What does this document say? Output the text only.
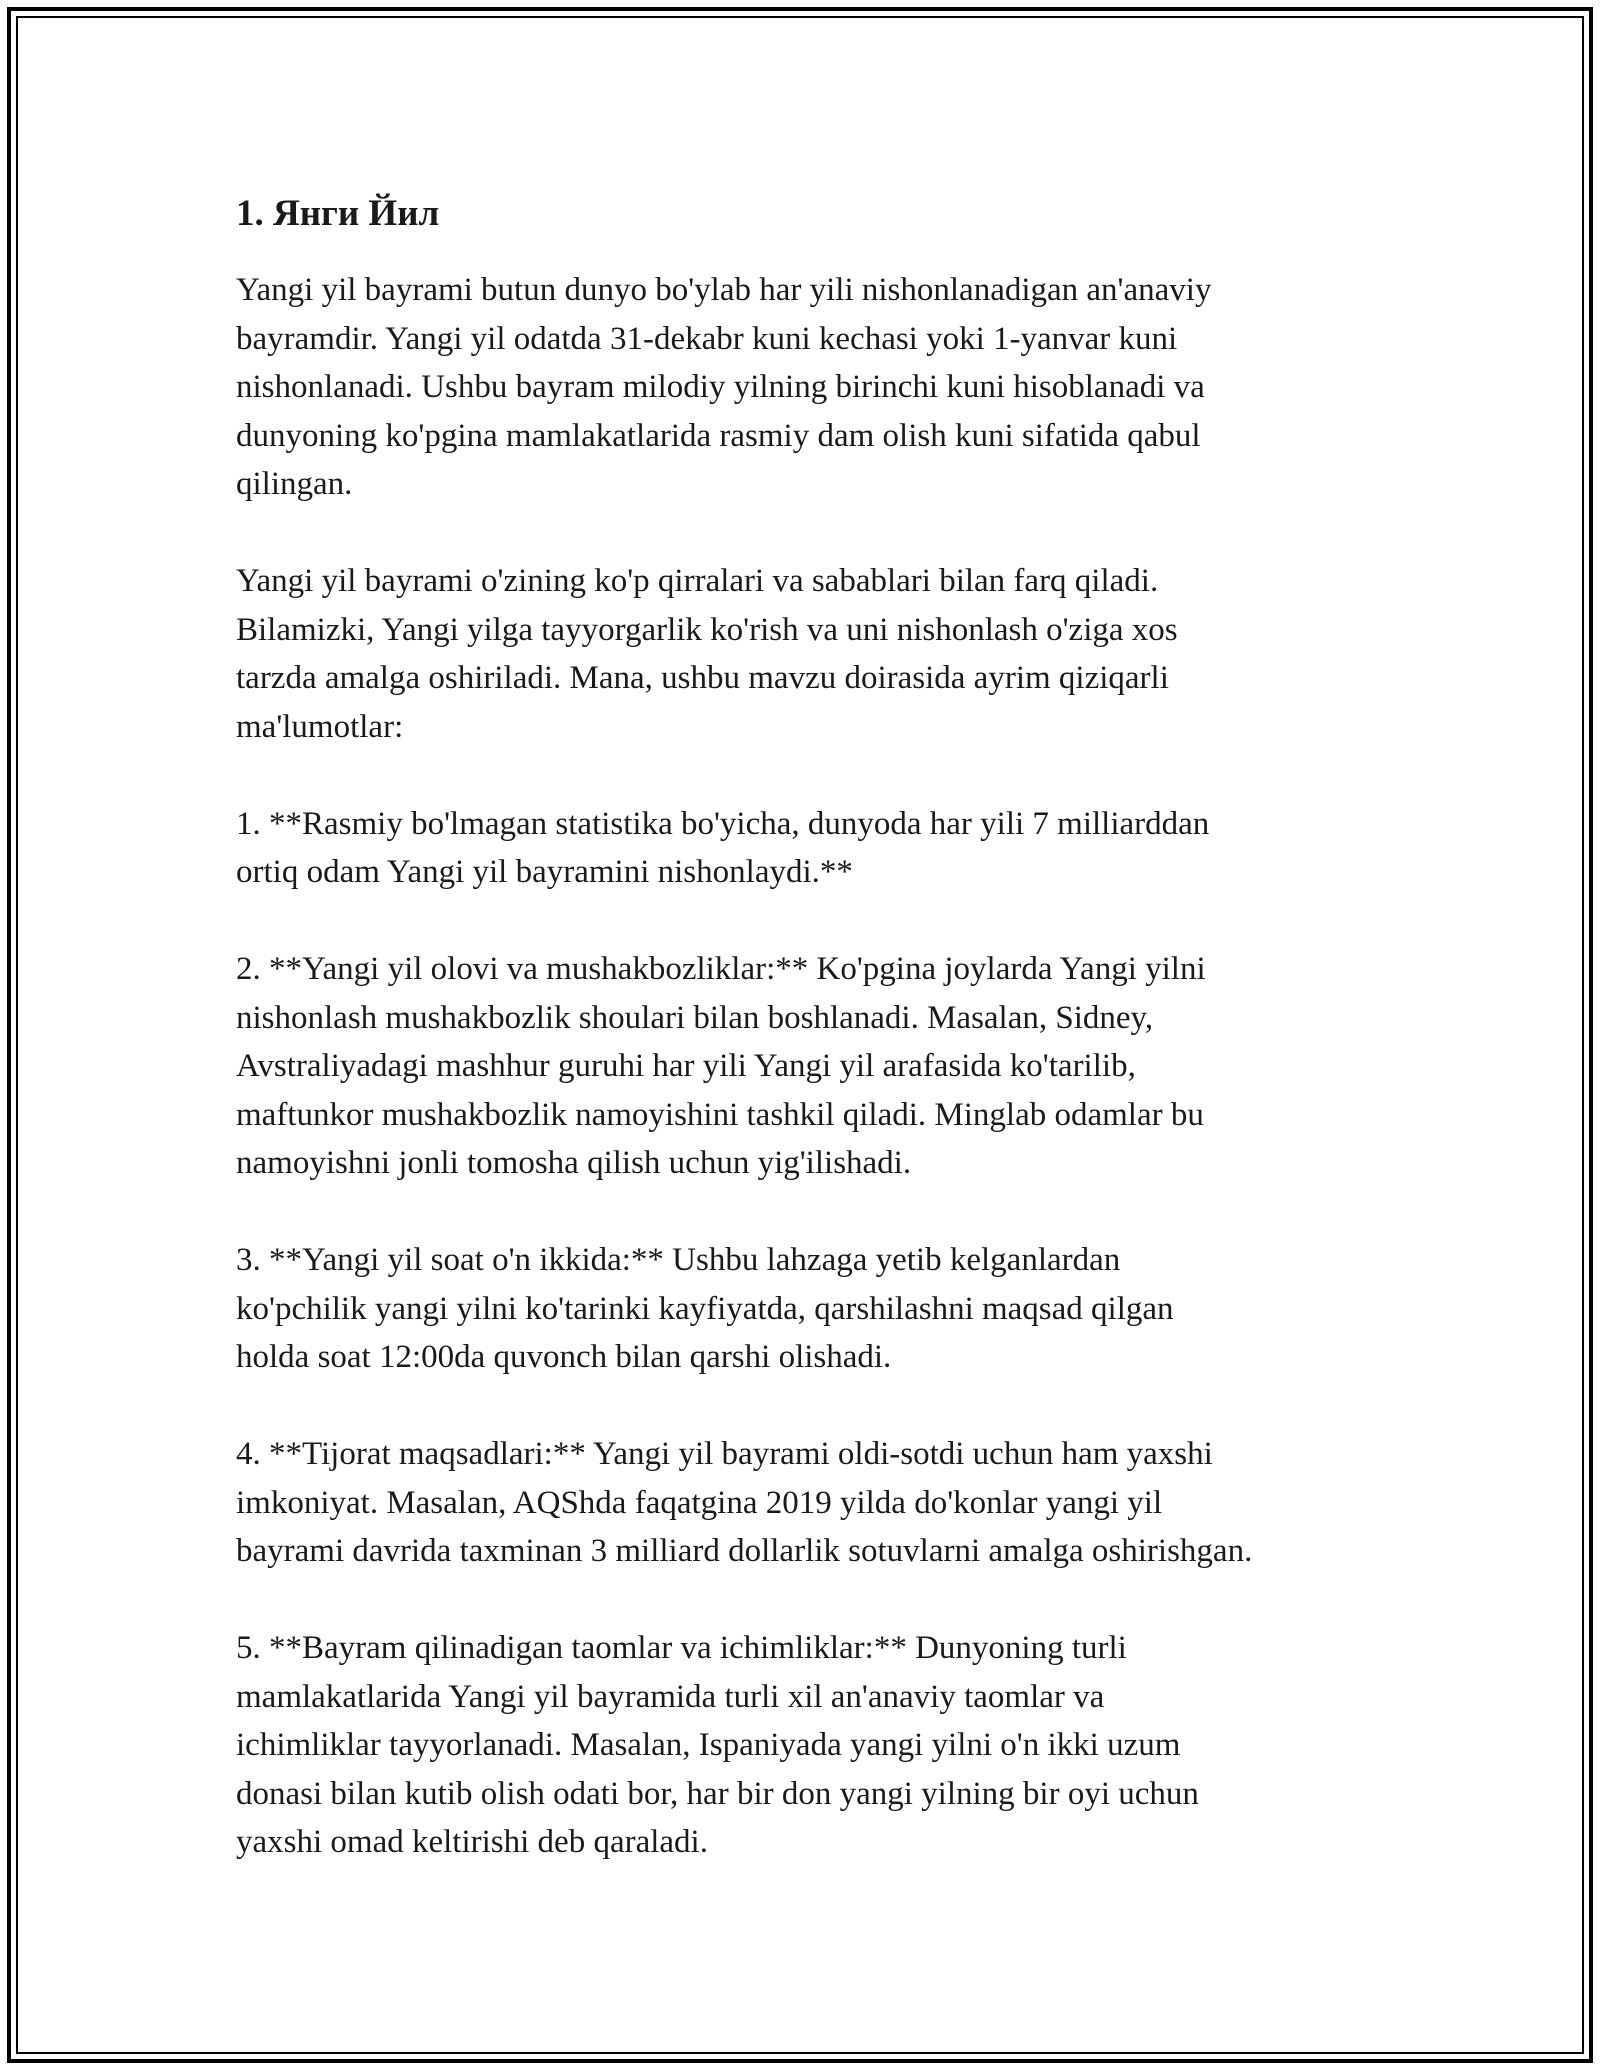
1. Янги Йил

Yangi yil bayrami butun dunyo bo'ylab har yili nishonlanadigan an'anaviy
bayramdir. Yangi yil odatda 31-dekabr kuni kechasi yoki 1-yanvar kuni
nishonlanadi. Ushbu bayram milodiy yilning birinchi kuni hisoblanadi va
dunyoning ko'pgina mamlakatlarida rasmiy dam olish kuni sifatida qabul
qilingan.

Yangi yil bayrami o'zining ko'p qirralari va sabablari bilan farq qiladi.
Bilamizki, Yangi yilga tayyorgarlik ko'rish va uni nishonlash o'ziga xos
tarzda amalga oshiriladi. Mana, ushbu mavzu doirasida ayrim qiziqarli
ma'lumotlar:

1. **Rasmiy bo'lmagan statistika bo'yicha, dunyoda har yili 7 milliarddan
ortiq odam Yangi yil bayramini nishonlaydi.**

2. **Yangi yil olovi va mushakbozliklar:** Ko'pgina joylarda Yangi yilni
nishonlash mushakbozlik shoulari bilan boshlanadi. Masalan, Sidney,
Avstraliyadagi mashhur guruhi har yili Yangi yil arafasida ko'tarilib,
maftunkor mushakbozlik namoyishini tashkil qiladi. Minglab odamlar bu
namoyishni jonli tomosha qilish uchun yig'ilishadi.

3. **Yangi yil soat o'n ikkida:** Ushbu lahzaga yetib kelganlardan
ko'pchilik yangi yilni ko'tarinki kayfiyatda, qarshilashni maqsad qilgan
holda soat 12:00da quvonch bilan qarshi olishadi.

4. **Tijorat maqsadlari:** Yangi yil bayrami oldi-sotdi uchun ham yaxshi
imkoniyat. Masalan, AQShda faqatgina 2019 yilda do'konlar yangi yil
bayrami davrida taxminan 3 milliard dollarlik sotuvlarni amalga oshirishgan.

5. **Bayram qilinadigan taomlar va ichimliklar:** Dunyoning turli
mamlakatlarida Yangi yil bayramida turli xil an'anaviy taomlar va
ichimliklar tayyorlanadi. Masalan, Ispaniyada yangi yilni o'n ikki uzum
donasi bilan kutib olish odati bor, har bir don yangi yilning bir oyi uchun
yaxshi omad keltirishi deb qaraladi.
